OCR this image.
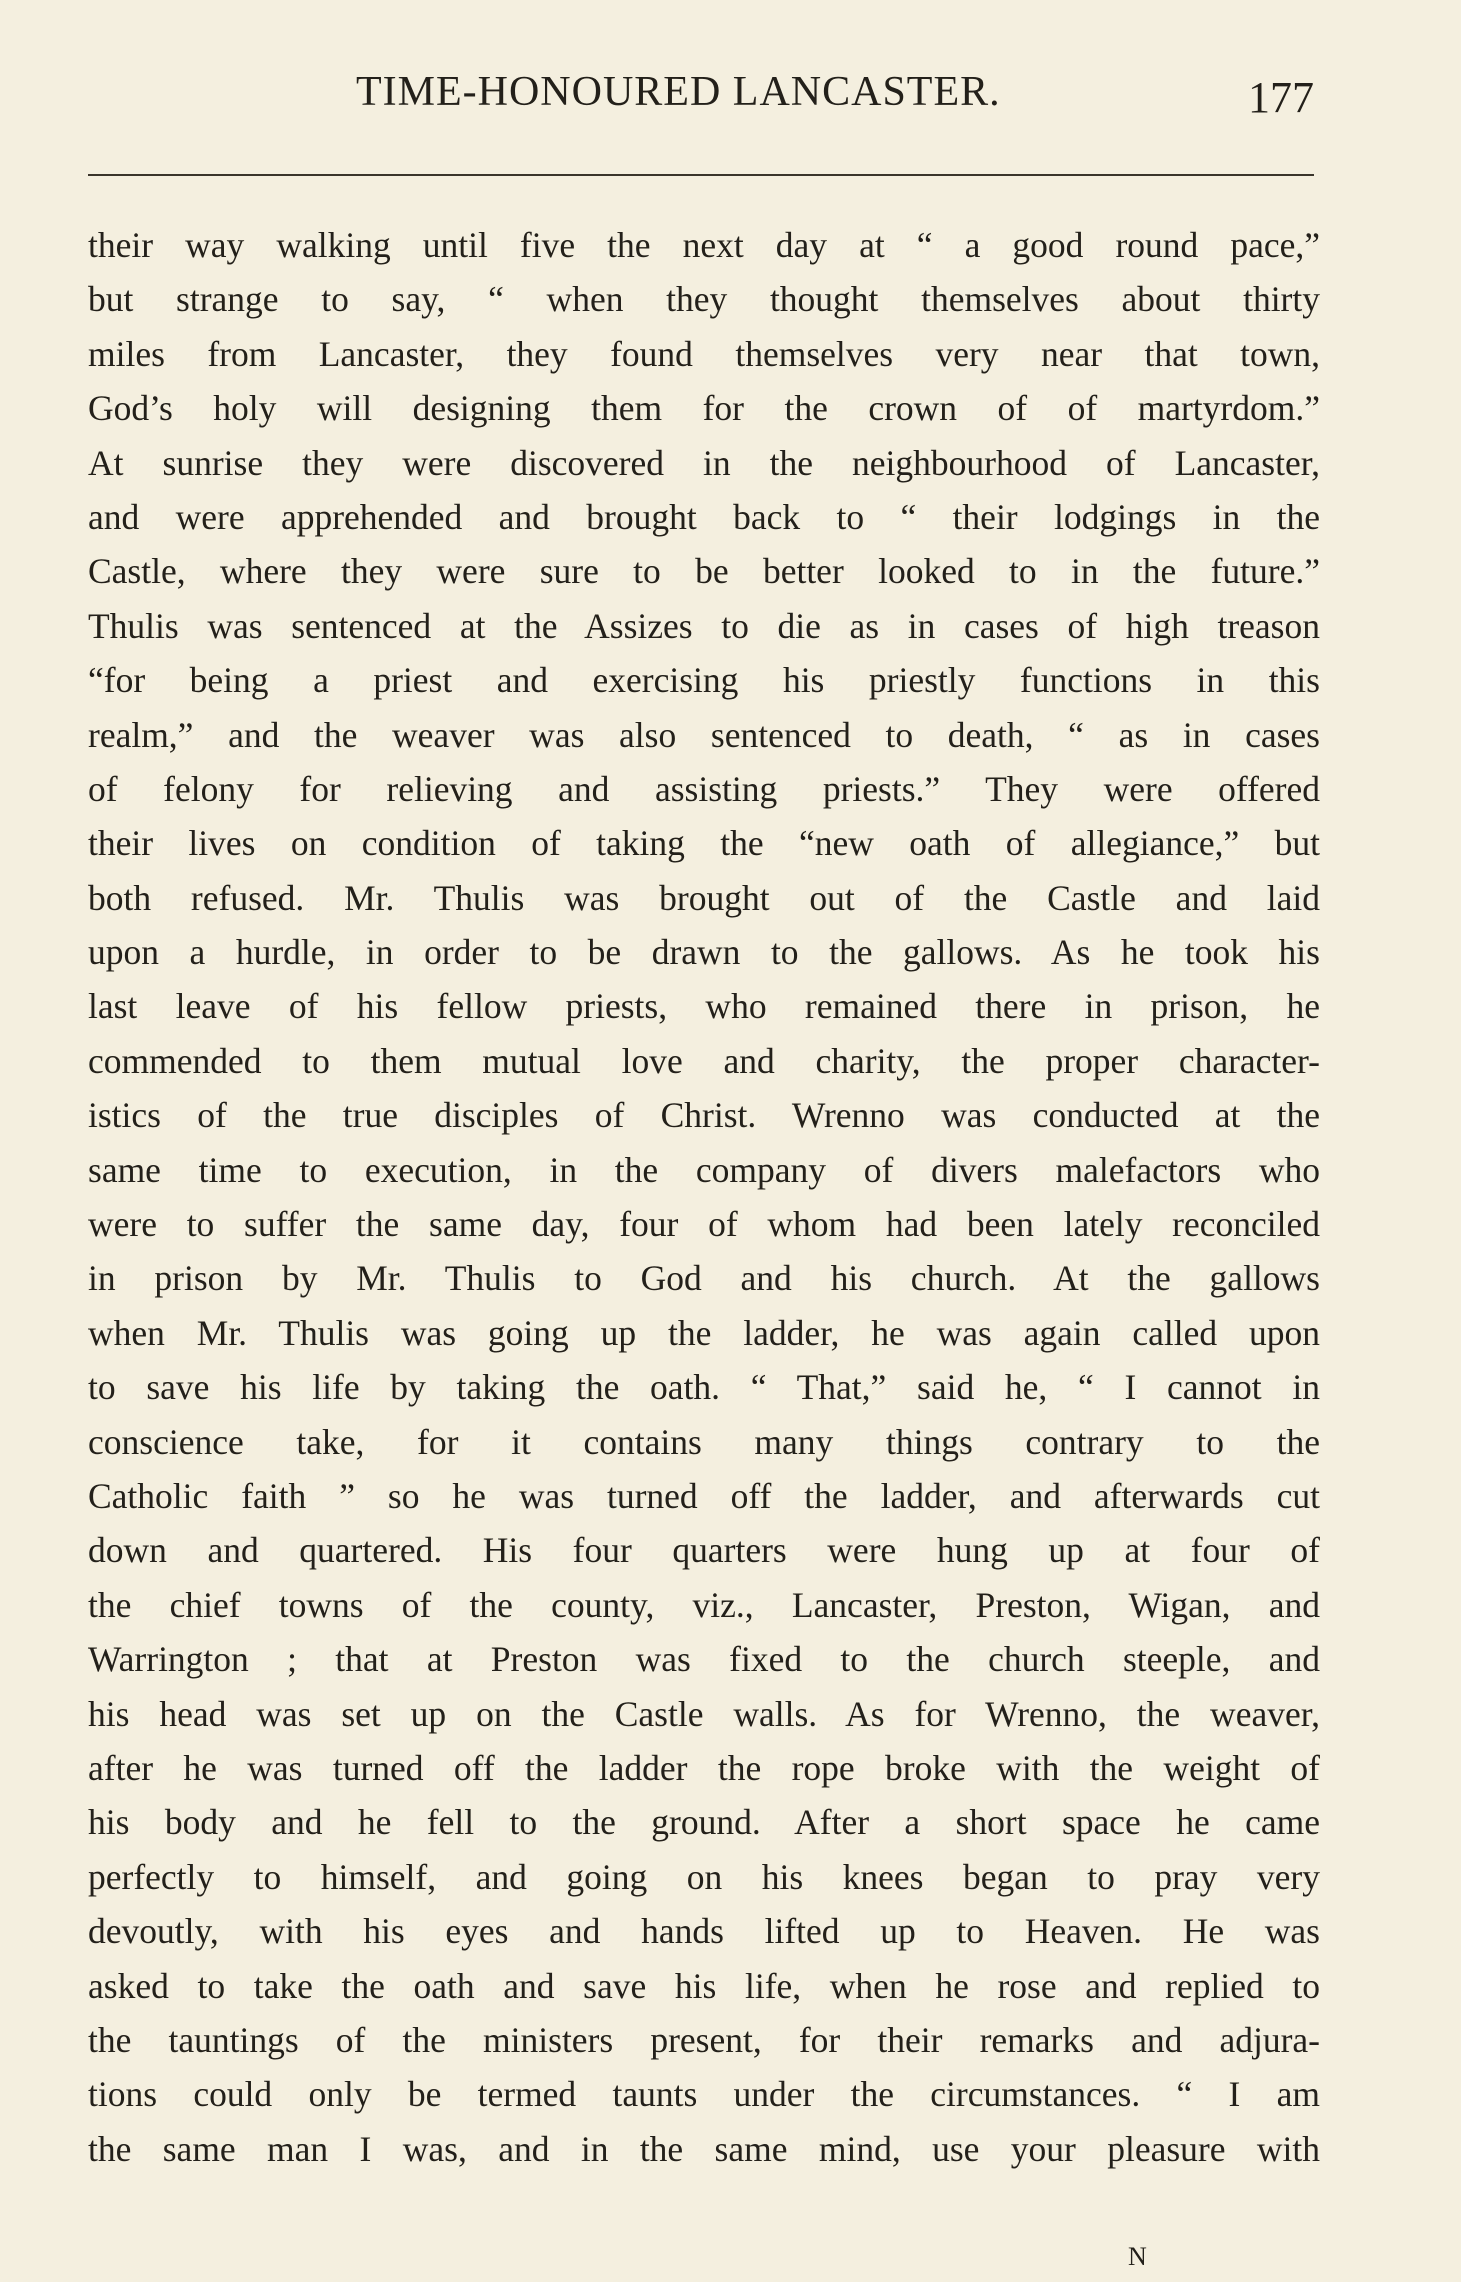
TIME-HONOURED LANCASTER.	177
their way walking until five the next day at “ a good round pace,”
but strange to say, “ when they thought themselves about thirty
miles from Lancaster, they found themselves very near that town,
God’s holy will designing them for the crown of of martyrdom.”
At sunrise they were discovered in the neighbourhood of Lancaster,
and were apprehended and brought back to “ their lodgings in the
Castle, where they were sure to be better looked to in the future.”
Thulis was sentenced at the Assizes to die as in cases of high treason
“for being a priest and exercising his priestly functions in this
realm,” and the weaver was also sentenced to death, “ as in cases
of felony for relieving and assisting priests.” They were offered
their lives on condition of taking the “new oath of allegiance,” but
both refused. Mr. Thulis was brought out of the Castle and laid
upon a hurdle, in order to be drawn to the gallows. As he took his
last leave of his fellow priests, who remained there in prison, he
commended to them mutual love and charity, the proper character-
istics of the true disciples of Christ. Wrenno was conducted at the
same time to execution, in the company of divers malefactors who
were to suffer the same day, four of whom had been lately reconciled
in prison by Mr. Thulis to God and his church. At the gallows
when Mr. Thulis was going up the ladder, he was again called upon
to save his life by taking the oath. “ That,” said he, “ I cannot in
conscience take, for it contains many things contrary to the
Catholic faith ” so he was turned off the ladder, and afterwards cut
down and quartered. His four quarters were hung up at four of
the chief towns of the county, viz., Lancaster, Preston, Wigan, and
Warrington ; that at Preston was fixed to the church steeple, and
his head was set up on the Castle walls. As for Wrenno, the weaver,
after he was turned off the ladder the rope broke with the weight of
his body and he fell to the ground. After a short space he came
perfectly to himself, and going on his knees began to pray very
devoutly, with his eyes and hands lifted up to Heaven. He was
asked to take the oath and save his life, when he rose and replied to
the tauntings of the ministers present, for their remarks and adjura-
tions could only be termed taunts under the circumstances. “ I am
the same man I was, and in the same mind, use your pleasure with
N
